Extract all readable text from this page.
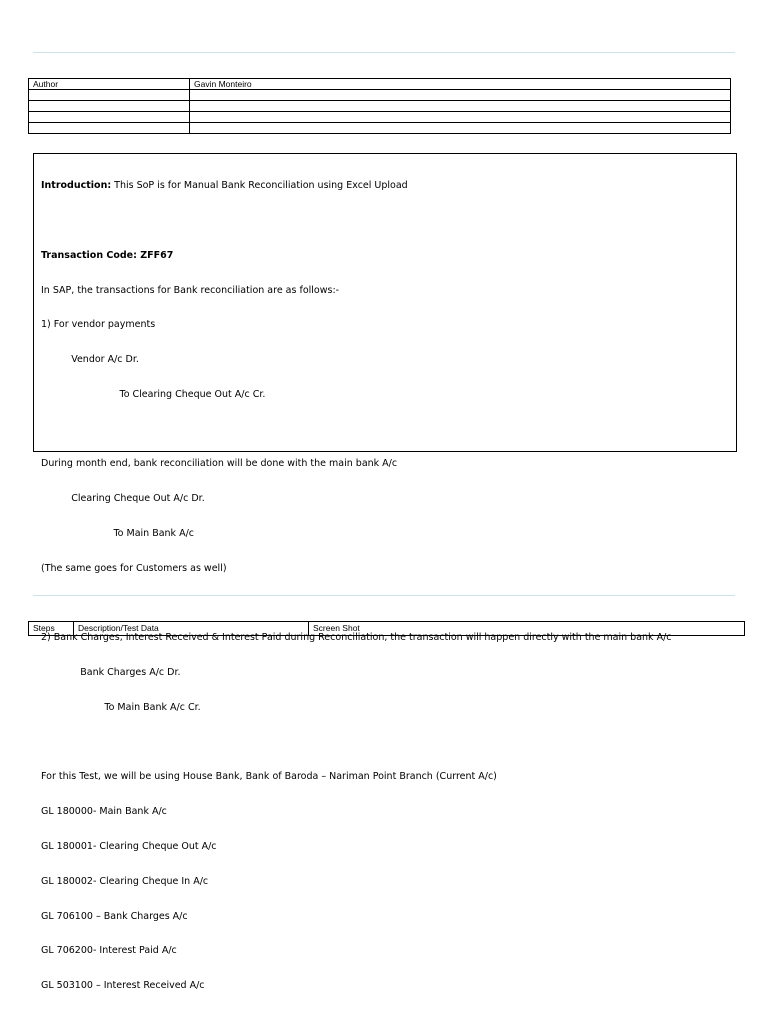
Author	Gavin Monteiro

Introduction: This SoP is for Manual Bank Reconciliation using Excel Upload

Transaction Code: ZFF67

In SAP, the transactions for Bank reconciliation are as follows:-

1) For vendor payments

Vendor A/c Dr.

To Clearing Cheque Out A/c Cr.

During month end, bank reconciliation will be done with the main bank A/c

Clearing Cheque Out A/c Dr.

To Main Bank A/c

(The same goes for Customers as well)

2) Bank Charges, Interest Received & Interest Paid during Reconciliation, the transaction will happen directly with the main bank A/c

Bank Charges A/c Dr.

To Main Bank A/c Cr.

For this Test, we will be using House Bank, Bank of Baroda – Nariman Point Branch (Current A/c)

GL 180000- Main Bank A/c

GL 180001- Clearing Cheque Out A/c

GL 180002- Clearing Cheque In A/c

GL 706100 – Bank Charges A/c

GL 706200- Interest Paid A/c

GL 503100 – Interest Received A/c

Steps	Description/Test Data	Screen Shot
